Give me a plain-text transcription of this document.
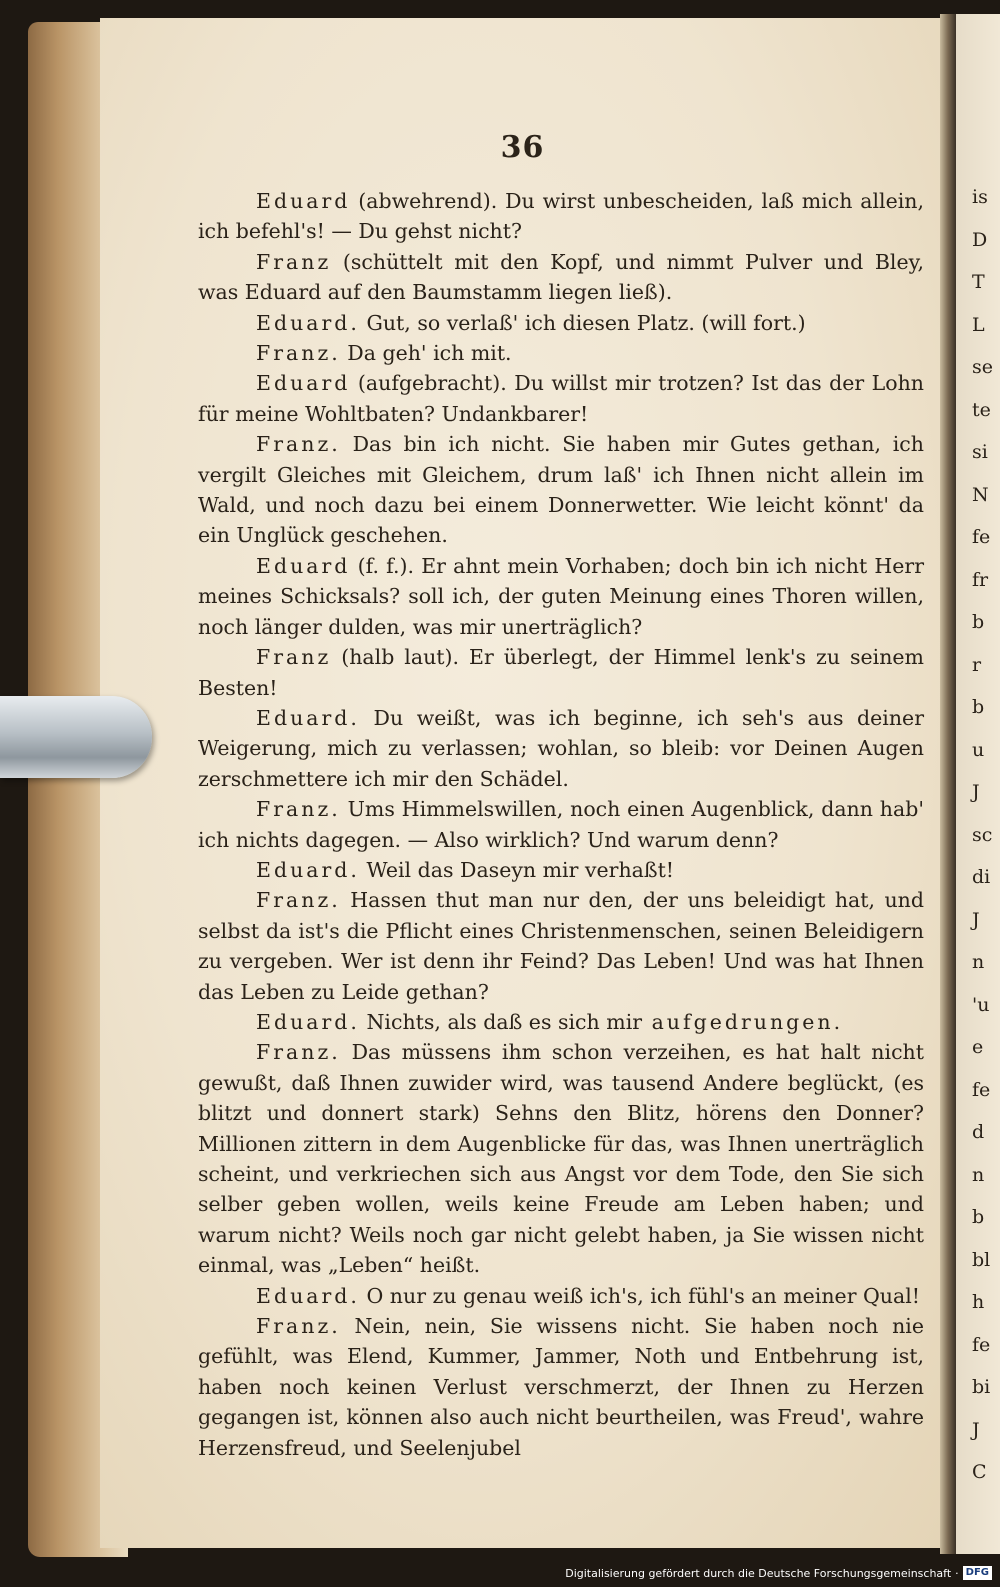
is
D
T
L
se
te
si
N
fe
fr
b
r
b
u
J
sc
di
J
n
'u
e
fe
d
n
b
bl
h
fe
bi
J
C
36

Eduard (abwehrend). Du wirst unbescheiden, laß mich allein, ich befehl's! — Du gehst nicht?

Franz (schüttelt mit den Kopf, und nimmt Pulver und Bley, was Eduard auf den Baumstamm liegen ließ).

Eduard. Gut, so verlaß' ich diesen Platz. (will fort.)

Franz. Da geh' ich mit.

Eduard (aufgebracht). Du willst mir trotzen? Ist das der Lohn für meine Wohltbaten? Undankbarer!

Franz. Das bin ich nicht. Sie haben mir Gutes gethan, ich vergilt Gleiches mit Gleichem, drum laß' ich Ihnen nicht allein im Wald, und noch dazu bei einem Donnerwetter. Wie leicht könnt' da ein Unglück geschehen.

Eduard (f. f.). Er ahnt mein Vorhaben; doch bin ich nicht Herr meines Schicksals? soll ich, der guten Meinung eines Thoren willen, noch länger dulden, was mir unerträglich?

Franz (halb laut). Er überlegt, der Himmel lenk's zu seinem Besten!

Eduard. Du weißt, was ich beginne, ich seh's aus deiner Weigerung, mich zu verlassen; wohlan, so bleib: vor Deinen Augen zerschmettere ich mir den Schädel.

Franz. Ums Himmelswillen, noch einen Augenblick, dann hab' ich nichts dagegen. — Also wirklich? Und warum denn?

Eduard. Weil das Daseyn mir verhaßt!

Franz. Hassen thut man nur den, der uns beleidigt hat, und selbst da ist's die Pflicht eines Christenmenschen, seinen Beleidigern zu vergeben. Wer ist denn ihr Feind? Das Leben! Und was hat Ihnen das Leben zu Leide gethan?

Eduard. Nichts, als daß es sich mir aufgedrungen.

Franz. Das müssens ihm schon verzeihen, es hat halt nicht gewußt, daß Ihnen zuwider wird, was tausend Andere beglückt, (es blitzt und donnert stark) Sehns den Blitz, hörens den Donner? Millionen zittern in dem Augenblicke für das, was Ihnen unerträglich scheint, und verkriechen sich aus Angst vor dem Tode, den Sie sich selber geben wollen, weils keine Freude am Leben haben; und warum nicht? Weils noch gar nicht gelebt haben, ja Sie wissen nicht einmal, was „Leben“ heißt.

Eduard. O nur zu genau weiß ich's, ich fühl's an meiner Qual!

Franz. Nein, nein, Sie wissens nicht. Sie haben noch nie gefühlt, was Elend, Kummer, Jammer, Noth und Entbehrung ist, haben noch keinen Verlust verschmerzt, der Ihnen zu Herzen gegangen ist, können also auch nicht beurtheilen, was Freud', wahre Herzensfreud, und Seelenjubel

Digitalisierung gefördert durch die Deutsche Forschungsgemeinschaft · DFG
